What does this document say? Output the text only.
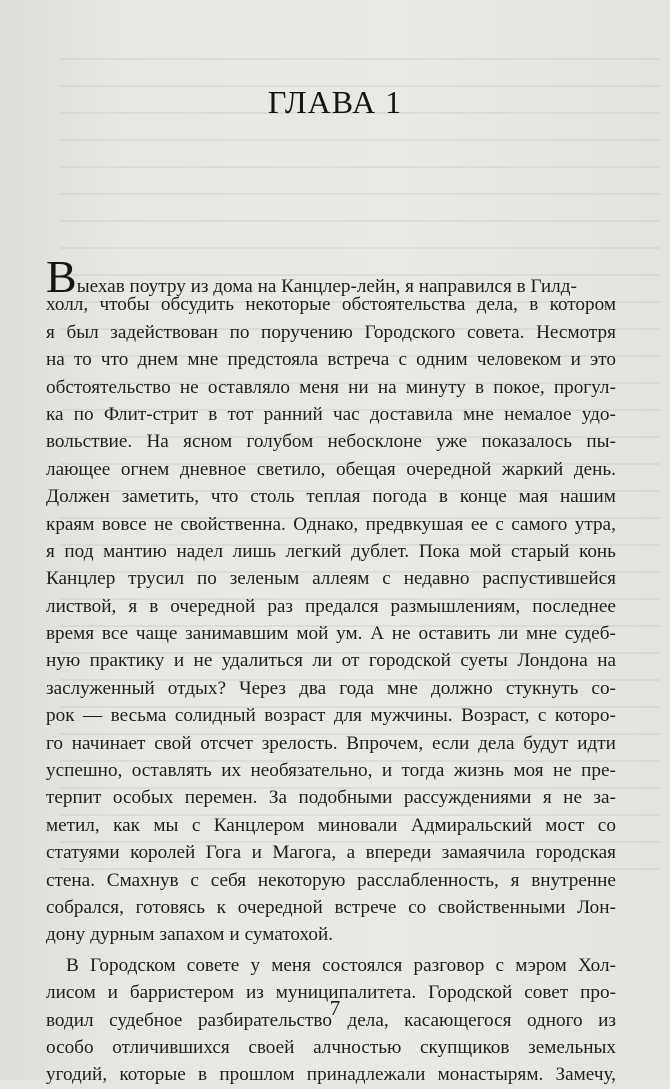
ГЛАВА 1
Выехав поутру из дома на Канцлер-лейн, я направился в Гилд-
холл, чтобы обсудить некоторые обстоятельства дела, в котором
я был задействован по поручению Городского совета. Несмотря
на то что днем мне предстояла встреча с одним человеком и это
обстоятельство не оставляло меня ни на минуту в покое, прогул-
ка по Флит-стрит в тот ранний час доставила мне немалое удо-
вольствие. На ясном голубом небосклоне уже показалось пы-
лающее огнем дневное светило, обещая очередной жаркий день.
Должен заметить, что столь теплая погода в конце мая нашим
краям вовсе не свойственна. Однако, предвкушая ее с самого утра,
я под мантию надел лишь легкий дублет. Пока мой старый конь
Канцлер трусил по зеленым аллеям с недавно распустившейся
листвой, я в очередной раз предался размышлениям, последнее
время все чаще занимавшим мой ум. А не оставить ли мне судеб-
ную практику и не удалиться ли от городской суеты Лондона на
заслуженный отдых? Через два года мне должно стукнуть со-
рок — весьма солидный возраст для мужчины. Возраст, с которо-
го начинает свой отсчет зрелость. Впрочем, если дела будут идти
успешно, оставлять их необязательно, и тогда жизнь моя не пре-
терпит особых перемен. За подобными рассуждениями я не за-
метил, как мы с Канцлером миновали Адмиральский мост со
статуями королей Гога и Магога, а впереди замаячила городская
стена. Смахнув с себя некоторую расслабленность, я внутренне
собрался, готовясь к очередной встрече со свойственными Лон-
дону дурным запахом и суматохой.
В Городском совете у меня состоялся разговор с мэром Хол-
лисом и барристером из муниципалитета. Городской совет про-
водил судебное разбирательство дела, касающегося одного из
особо отличившихся своей алчностью скупщиков земельных
угодий, которые в прошлом принадлежали монастырям. Замечу,
7
